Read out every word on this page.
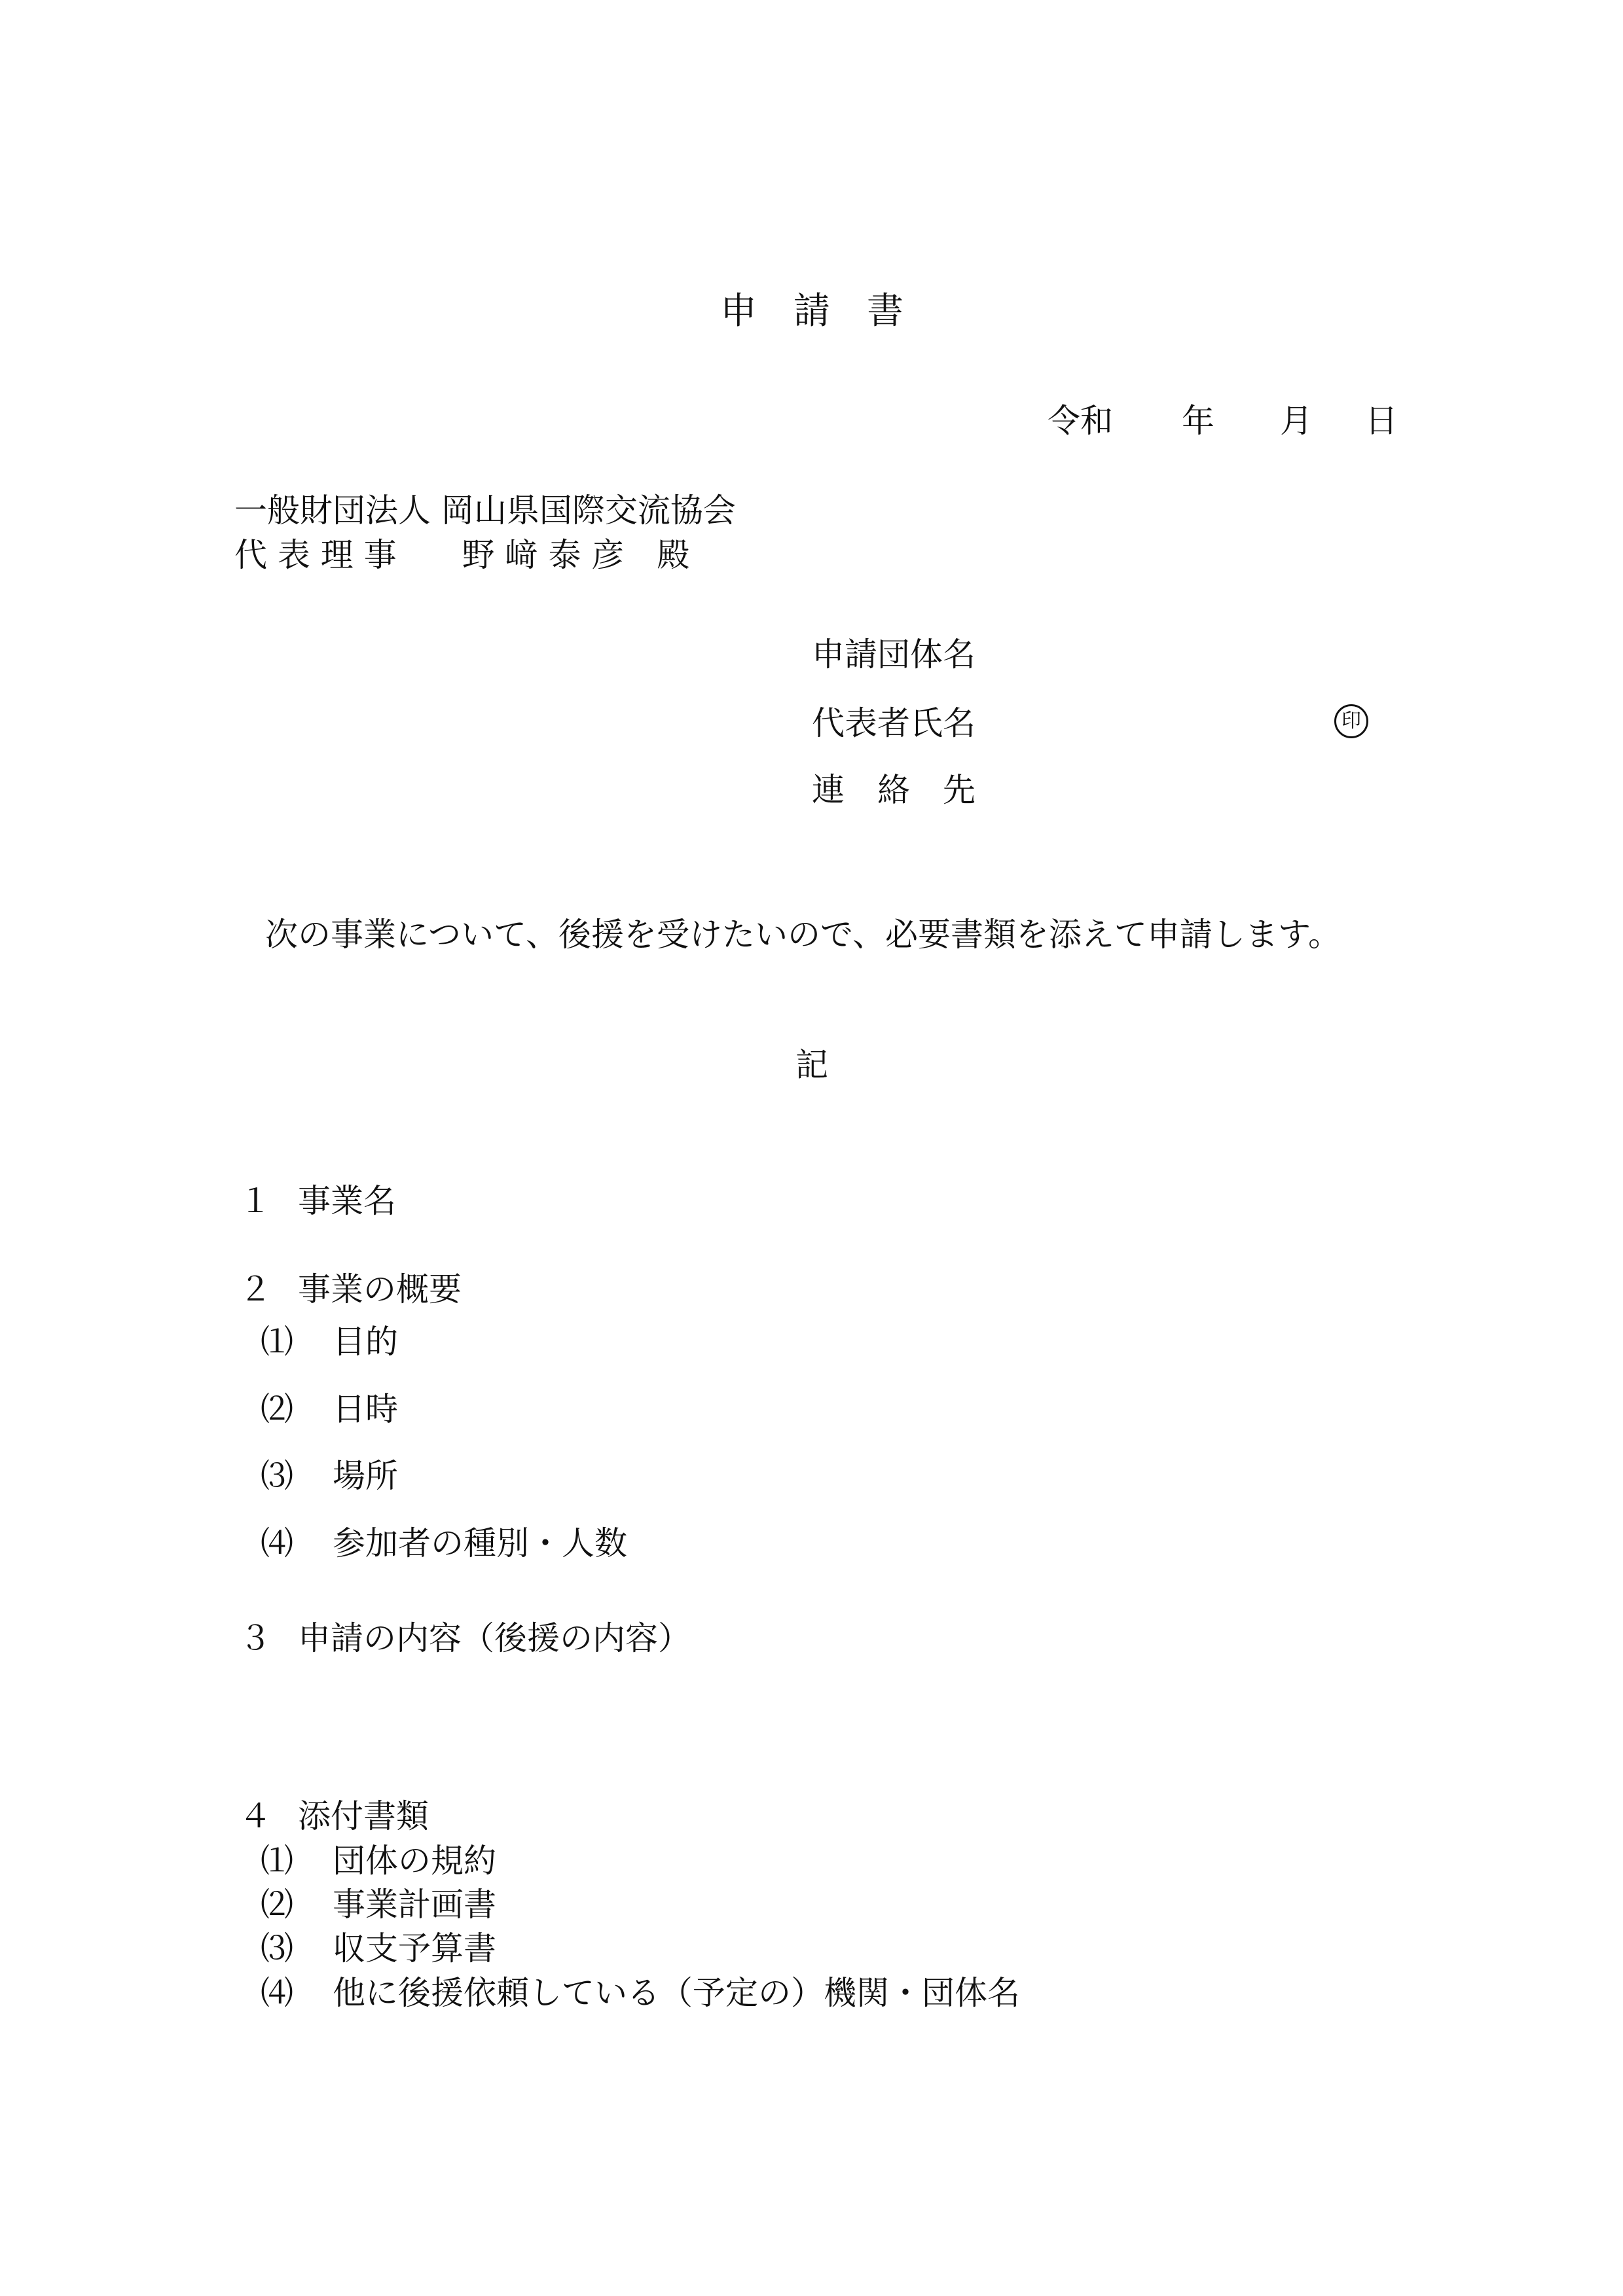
申　請　書
令和 年 月 日
一般財団法人 岡山県国際交流協会
代 表 理 事　　野 﨑 泰 彦　殿
申請団体名
代表者氏名	印
連　絡　先
次の事業について、後援を受けたいので、必要書類を添えて申請します。
記
１ 事業名
２ 事業の概要
⑴ 目的
⑵ 日時
⑶ 場所
⑷ 参加者の種別・人数
３ 申請の内容（後援の内容）
４ 添付書類
⑴ 団体の規約
⑵ 事業計画書
⑶ 収支予算書
⑷ 他に後援依頼している（予定の）機関・団体名
